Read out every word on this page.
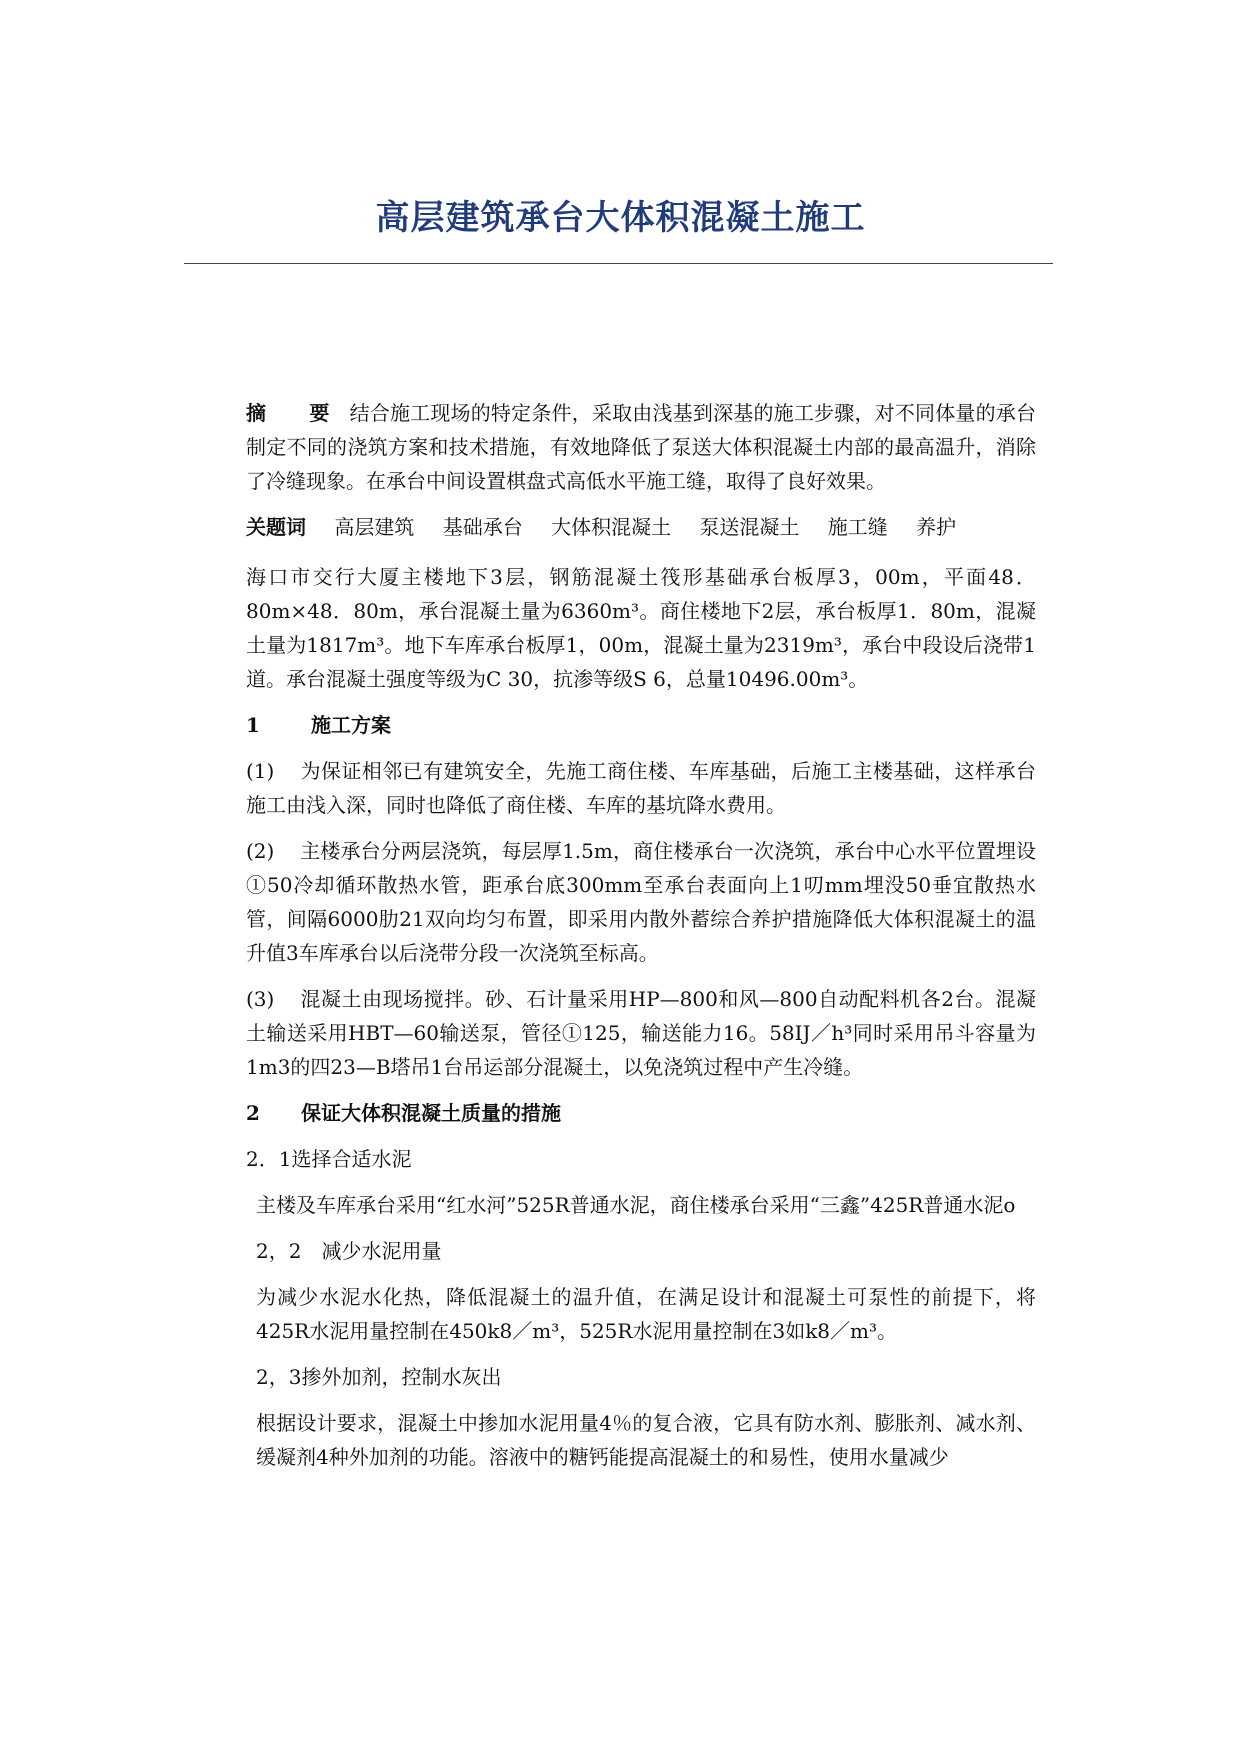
高层建筑承台大体积混凝土施工

摘 要 结合施工现场的特定条件，采取由浅基到深基的施工步骤，对不同体量的承台制定不同的浇筑方案和技术措施，有效地降低了泵送大体积混凝土内部的最高温升，消除了冷缝现象。在承台中间设置棋盘式高低水平施工缝，取得了良好效果。

关题词 高层建筑 基础承台 大体积混凝土 泵送混凝土 施工缝 养护

海口市交行大厦主楼地下3层，钢筋混凝土筏形基础承台板厚3，00m，平面48．80m×48．80m，承台混凝土量为6360m³。商住楼地下2层，承台板厚1．80m，混凝土量为1817m³。地下车库承台板厚1，00m，混凝土量为2319m³，承台中段设后浇带1道。承台混凝土强度等级为C 30，抗渗等级S 6，总量10496.00m³。

1	施工方案

(1) 为保证相邻已有建筑安全，先施工商住楼、车库基础，后施工主楼基础，这样承台施工由浅入深，同时也降低了商住楼、车库的基坑降水费用。

(2) 主楼承台分两层浇筑，每层厚1.5m，商住楼承台一次浇筑，承台中心水平位置埋设①50冷却循环散热水管，距承台底300mm至承台表面向上1叨mm埋没50垂宜散热水管，间隔6000肋21双向均匀布置，即采用内散外蓄综合养护措施降低大体积混凝土的温升值3车库承台以后浇带分段一次浇筑至标高。

(3) 混凝土由现场搅拌。砂、石计量采用HP—800和风—800自动配料机各2台。混凝土输送采用HBT—60输送泵，管径①125，输送能力16。58IJ／h³同时采用吊斗容量为1m3的四23—B塔吊1台吊运部分混凝土，以免浇筑过程中产生冷缝。

2 保证大体积混凝土质量的措施
2．1选择合适水泥

主楼及车库承台采用“红水河”525R普通水泥，商住楼承台采用“三鑫”425R普通水泥o

2，2　减少水泥用量

为减少水泥水化热，降低混凝土的温升值，在满足设计和混凝土可泵性的前提下，将425R水泥用量控制在450k8／m³，525R水泥用量控制在3如k8／m³。

2，3掺外加剂，控制水灰出

根据设计要求，混凝土中掺加水泥用量4％的复合液，它具有防水剂、膨胀剂、减水剂、缓凝剂4种外加剂的功能。溶液中的糖钙能提高混凝土的和易性，使用水量减少
